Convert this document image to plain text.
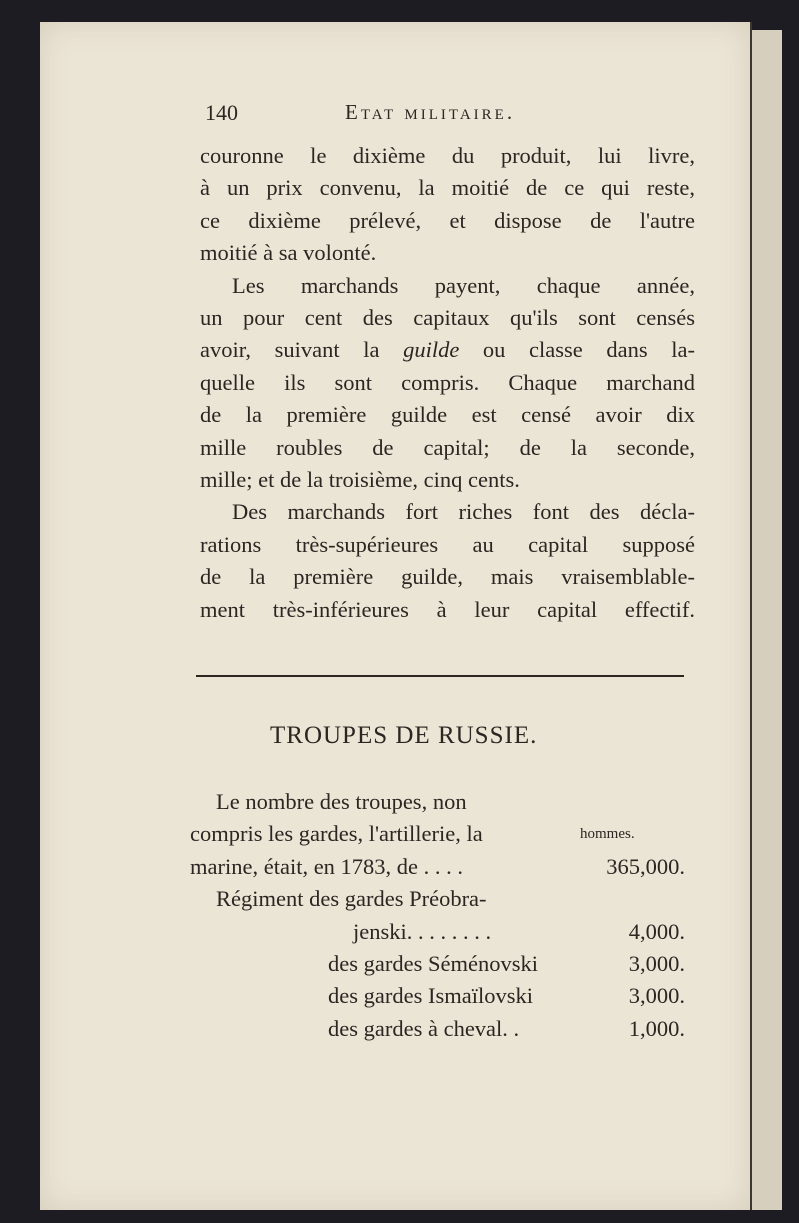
140	Etat militaire.
couronne le dixième du produit, lui livre,
à un prix convenu, la moitié de ce qui reste,
ce dixième prélevé, et dispose de l'autre
moitié à sa volonté.
Les marchands payent, chaque année,
un pour cent des capitaux qu'ils sont censés
avoir, suivant la guilde ou classe dans la-
quelle ils sont compris. Chaque marchand
de la première guilde est censé avoir dix
mille roubles de capital; de la seconde,
mille; et de la troisième, cinq cents.
Des marchands fort riches font des décla-
rations très-supérieures au capital supposé
de la première guilde, mais vraisemblable-
ment très-inférieures à leur capital effectif.
TROUPES DE RUSSIE.
Le nombre des troupes, non
compris les gardes, l'artillerie, la	hommes.
marine, était, en 1783, de . . . .	365,000.
Régiment des gardes Préobra-
jenski. . . . . . . .	4,000.
des gardes Séménovski	3,000.
des gardes Ismaïlovski	3,000.
des gardes à cheval. .	1,000.
